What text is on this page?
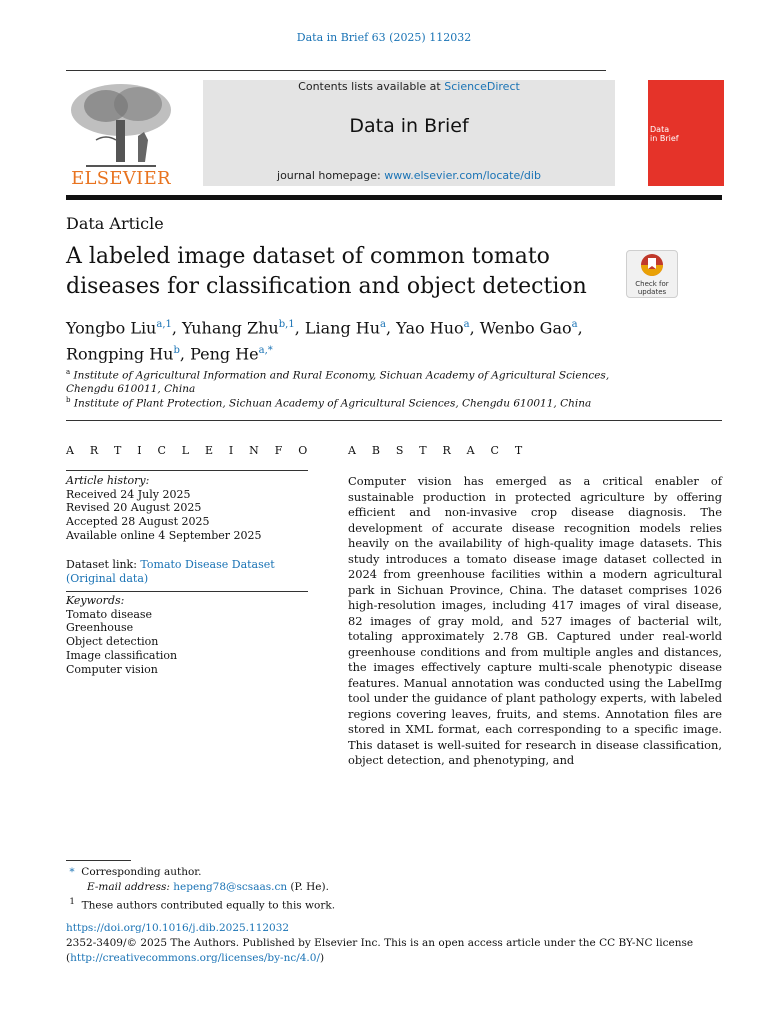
Data in Brief 63 (2025) 112032
ELSEVIER
Contents lists available at ScienceDirect
Data in Brief
journal homepage: www.elsevier.com/locate/dib
Data
in Brief
Data Article
A labeled image dataset of common tomato diseases for classification and object detection	Check for
updates
Yongbo Liu$^{a,1}$, Yuhang Zhu$^{b,1}$, Liang Hu$^a$, Yao Huo$^a$, Wenbo Gao$^a$,
Rongping Hu$^b$, Peng He$^{a,*}$
$^a$ Institute of Agricultural Information and Rural Economy, Sichuan Academy of Agricultural Sciences, Chengdu 610011, China
$^b$ Institute of Plant Protection, Sichuan Academy of Agricultural Sciences, Chengdu 610011, China
A R T I C L E I N F O
Article history:
Received 24 July 2025
Revised 20 August 2025
Accepted 28 August 2025
Available online 4 September 2025
Dataset link: Tomato Disease Dataset (Original data)
Keywords:
Tomato disease
Greenhouse
Object detection
Image classification
Computer vision
A B S T R A C T
Computer vision has emerged as a critical enabler of sustainable production in protected agriculture by offering efficient and non-invasive crop disease diagnosis. The development of accurate disease recognition models relies heavily on the availability of high-quality image datasets. This study introduces a tomato disease image dataset collected in 2024 from greenhouse facilities within a modern agricultural park in Sichuan Province, China. The dataset comprises 1026 high-resolution images, including 417 images of viral disease, 82 images of gray mold, and 527 images of bacterial wilt, totaling approximately 2.78 GB. Captured under real-world greenhouse conditions and from multiple angles and distances, the images effectively capture multi-scale phenotypic disease features. Manual annotation was conducted using the LabelImg tool under the guidance of plant pathology experts, with labeled regions covering leaves, fruits, and stems. Annotation files are stored in XML format, each corresponding to a specific image. This dataset is well-suited for research in disease classification, object detection, and phenotyping, and
* Corresponding author.
E-mail address: hepeng78@scsaas.cn (P. He).
$^1$ These authors contributed equally to this work.
https://doi.org/10.1016/j.dib.2025.112032
2352-3409/© 2025 The Authors. Published by Elsevier Inc. This is an open access article under the CC BY-NC license
(http://creativecommons.org/licenses/by-nc/4.0/)
